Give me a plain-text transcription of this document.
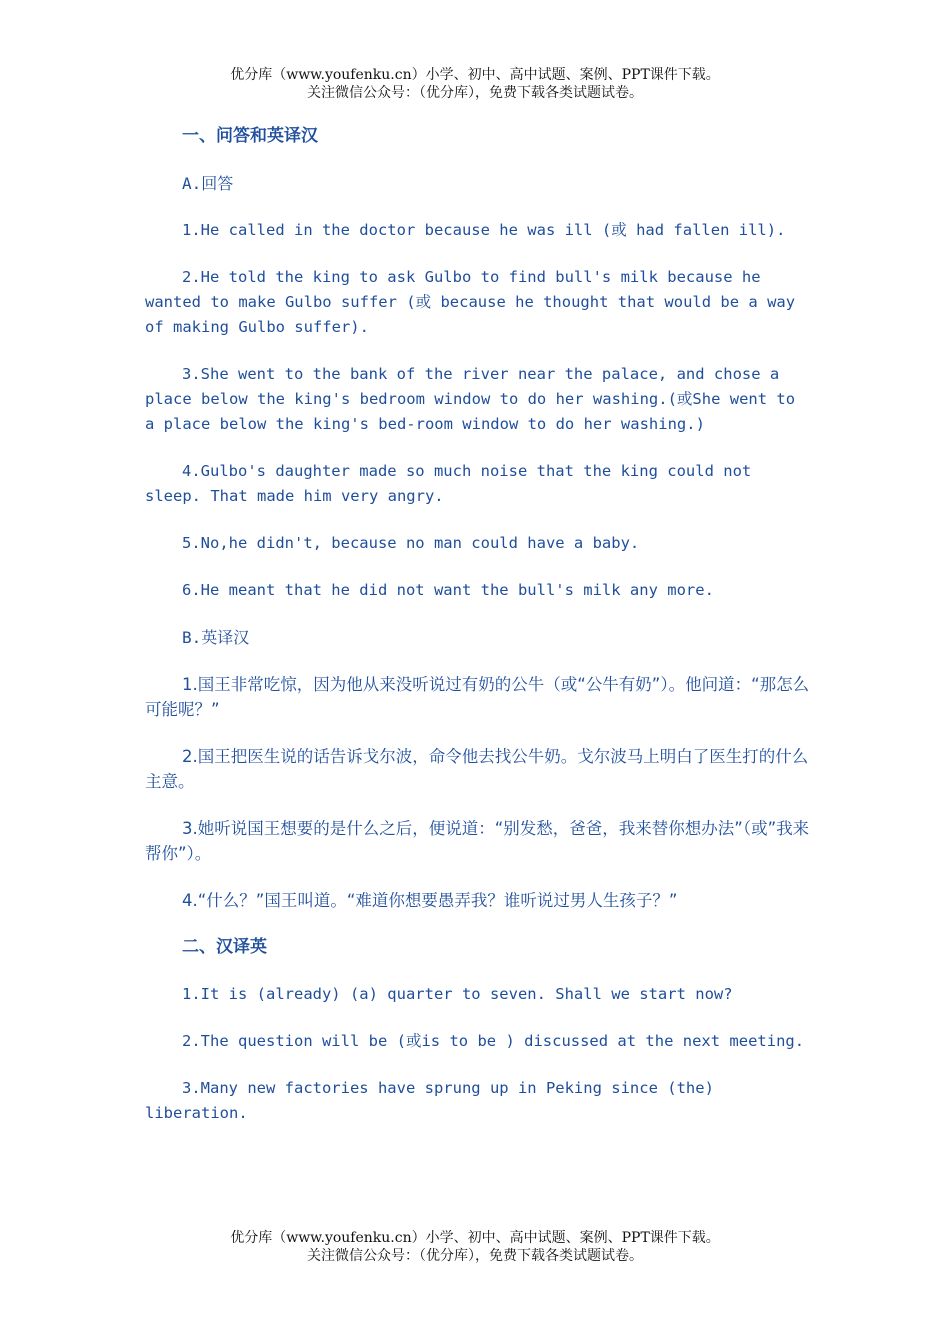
优分库（www.youfenku.cn）小学、初中、高中试题、案例、PPT课件下载。
关注微信公众号：（优分库），免费下载各类试题试卷。
一、问答和英译汉
A.回答
1.He called in the doctor because he was ill (或 had fallen ill).
2.He told the king to ask Gulbo to find bull's milk because he wanted to make Gulbo suffer (或 because he thought that would be a way of making Gulbo suffer).
3.She went to the bank of the river near the palace, and chose a place below the king's bedroom window to do her washing.(或She went to a place below the king's bed-room window to do her washing.)
4.Gulbo's daughter made so much noise that the king could not sleep. That made him very angry.
5.No,he didn't, because no man could have a baby.
6.He meant that he did not want the bull's milk any more.
B.英译汉
1.国王非常吃惊，因为他从来没听说过有奶的公牛（或“公牛有奶”）。他问道：“那怎么可能呢？”
2.国王把医生说的话告诉戈尔波，命令他去找公牛奶。戈尔波马上明白了医生打的什么主意。
3.她听说国王想要的是什么之后，便说道：“别发愁，爸爸，我来替你想办法”（或”我来帮你”）。
4.“什么？”国王叫道。“难道你想要愚弄我？谁听说过男人生孩子？”
二、汉译英
1.It is (already) (a) quarter to seven. Shall we start now?
2.The question will be (或is to be ) discussed at the next meeting.
3.Many new factories have sprung up in Peking since (the) liberation.
优分库（www.youfenku.cn）小学、初中、高中试题、案例、PPT课件下载。
关注微信公众号：（优分库），免费下载各类试题试卷。
